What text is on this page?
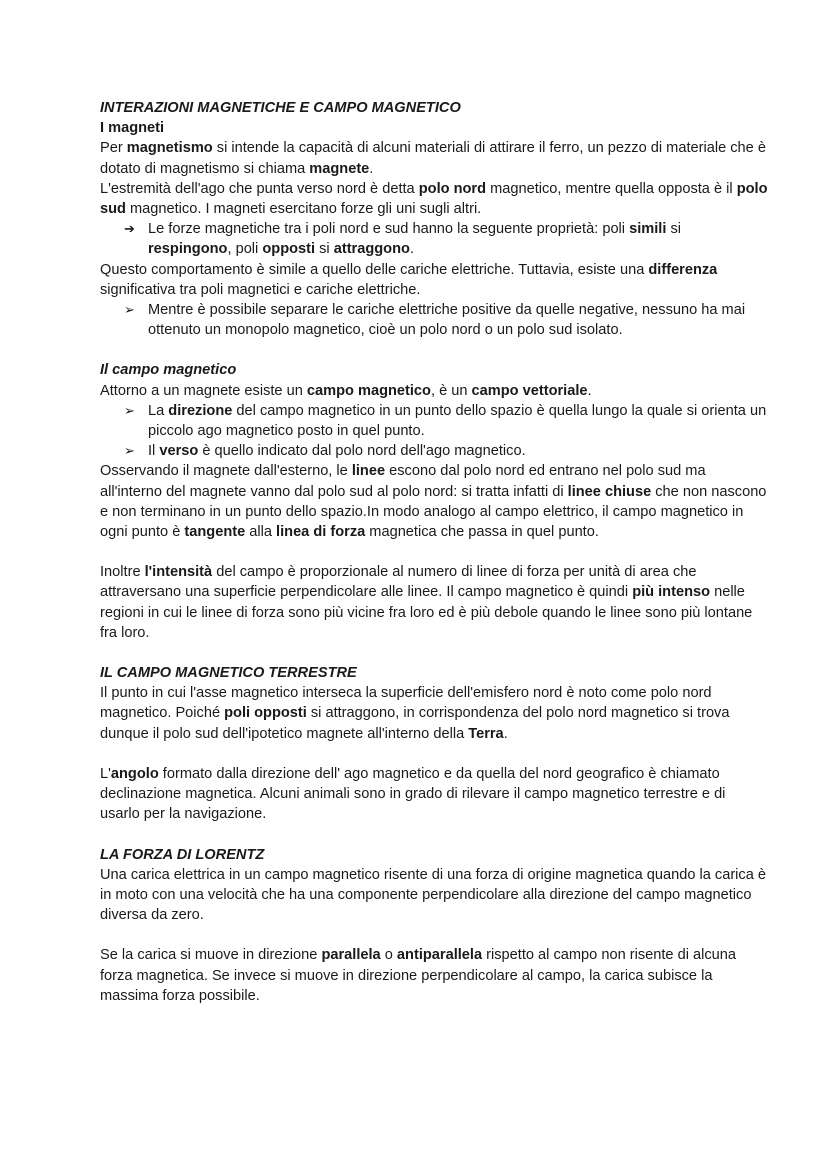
INTERAZIONI MAGNETICHE E CAMPO MAGNETICO

I magneti

Per magnetismo si intende la capacità di alcuni materiali di attirare il ferro, un pezzo di materiale che è dotato di magnetismo si chiama magnete.

L'estremità dell'ago che punta verso nord è detta polo nord magnetico, mentre quella opposta è il polo sud magnetico. I magneti esercitano forze gli uni sugli altri.

➔ Le forze magnetiche tra i poli nord e sud hanno la seguente proprietà: poli simili si respingono, poli opposti si attraggono.

Questo comportamento è simile a quello delle cariche elettriche. Tuttavia, esiste una differenza significativa tra poli magnetici e cariche elettriche.

➢ Mentre è possibile separare le cariche elettriche positive da quelle negative, nessuno ha mai ottenuto un monopolo magnetico, cioè un polo nord o un polo sud isolato.

Il campo magnetico

Attorno a un magnete esiste un campo magnetico, è un campo vettoriale.

➢ La direzione del campo magnetico in un punto dello spazio è quella lungo la quale si orienta un piccolo ago magnetico posto in quel punto.

➢ Il verso è quello indicato dal polo nord dell'ago magnetico.

Osservando il magnete dall'esterno, le linee escono dal polo nord ed entrano nel polo sud ma all'interno del magnete vanno dal polo sud al polo nord: si tratta infatti di linee chiuse che non nascono e non terminano in un punto dello spazio.In modo analogo al campo elettrico, il campo magnetico in ogni punto è tangente alla linea di forza magnetica che passa in quel punto.

Inoltre l'intensità del campo è proporzionale al numero di linee di forza per unità di area che attraversano una superficie perpendicolare alle linee. Il campo magnetico è quindi più intenso nelle regioni in cui le linee di forza sono più vicine fra loro ed è più debole quando le linee sono più lontane fra loro.

IL CAMPO MAGNETICO TERRESTRE

Il punto in cui l'asse magnetico interseca la superficie dell'emisfero nord è noto come polo nord magnetico. Poiché poli opposti si attraggono, in corrispondenza del polo nord magnetico si trova dunque il polo sud dell'ipotetico magnete all'interno della Terra.

L'angolo formato dalla direzione dell' ago magnetico e da quella del nord geografico è chiamato declinazione magnetica. Alcuni animali sono in grado di rilevare il campo magnetico terrestre e di usarlo per la navigazione.

LA FORZA DI LORENTZ

Una carica elettrica in un campo magnetico risente di una forza di origine magnetica quando la carica è in moto con una velocità che ha una componente perpendicolare alla direzione del campo magnetico diversa da zero.

Se la carica si muove in direzione parallela o antiparallela rispetto al campo non risente di alcuna forza magnetica. Se invece si muove in direzione perpendicolare al campo, la carica subisce la massima forza possibile.
